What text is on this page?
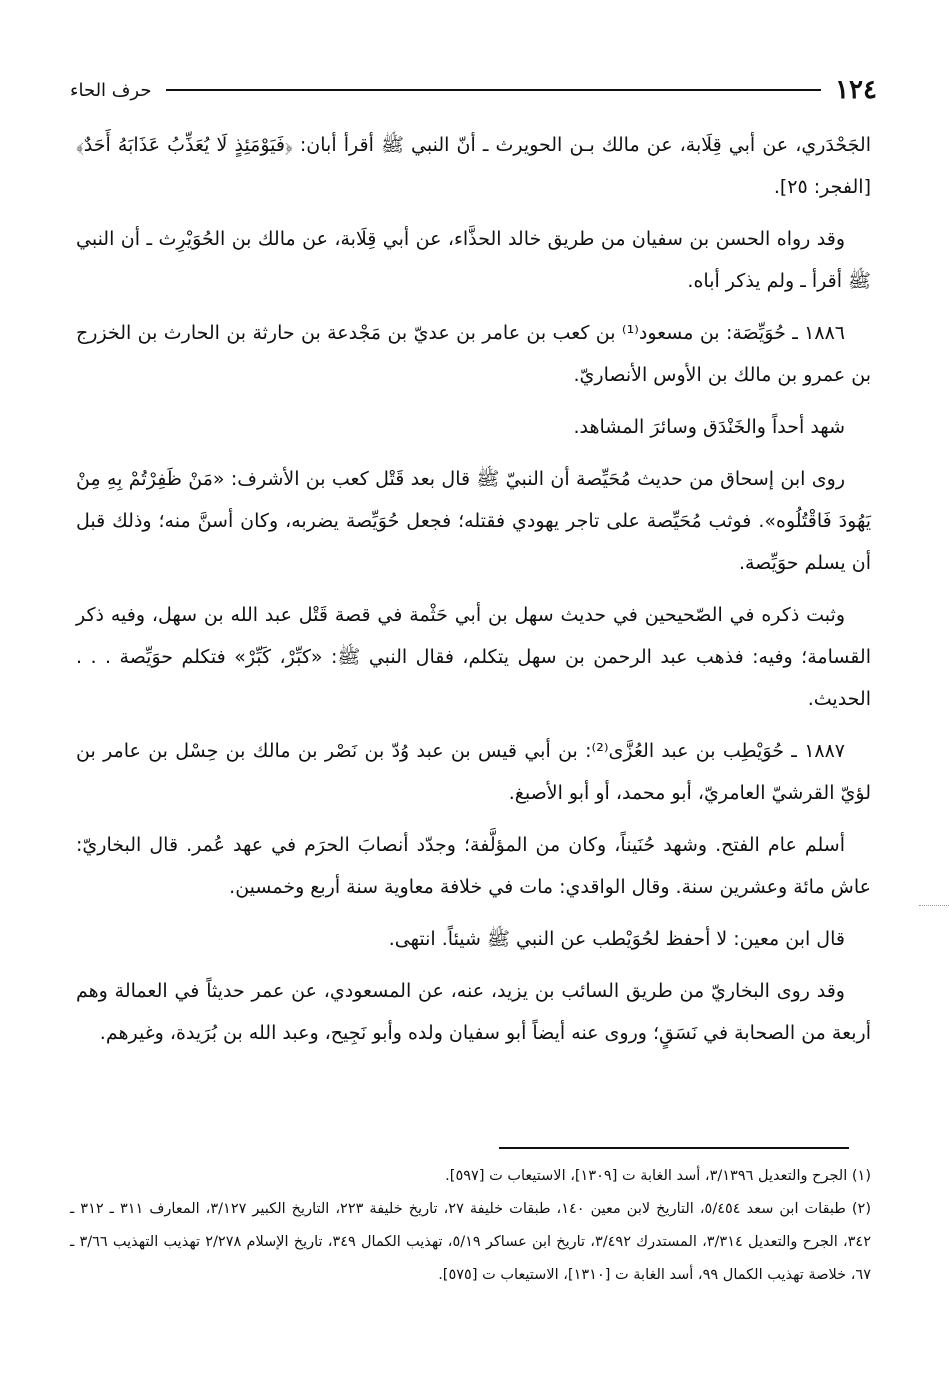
١٢٤
حرف الحاء

الجَحْدَري، عن أبي قِلَابة، عن مالك بـن الحويرث ـ أنّ النبي ﷺ أقرأ أبان: ﴿فَيَوْمَئِذٍ لَا يُعَذِّبُ عَذَابَهُ أَحَدٌ﴾ [الفجر: ٢٥].

وقد رواه الحسن بن سفيان من طريق خالد الحذَّاء، عن أبي قِلَابة، عن مالك بن الحُوَيْرِث ـ أن النبي ﷺ أقرأ ـ ولم يذكر أباه.

١٨٨٦ ـ حُوَيِّصَة: بن مسعود⁽¹⁾ بن كعب بن عامر بن عديّ بن مَجْدعة بن حارثة بن الحارث بن الخزرج بن عمرو بن مالك بن الأوس الأنصاريّ.

شهد أحداً والخَنْدَق وسائرَ المشاهد.

روى ابن إسحاق من حديث مُحَيِّصة أن النبيّ ﷺ قال بعد قَتْل كعب بن الأشرف: «مَنْ ظَفِرْتُمْ بِهِ مِنْ يَهُودَ فَاقْتُلُوه». فوثب مُحَيِّصة على تاجر يهودي فقتله؛ فجعل حُوَيِّصة يضربه، وكان أسنَّ منه؛ وذلك قبل أن يسلم حوَيِّصة.

وثبت ذكره في الصّحيحين في حديث سهل بن أبي حَثْمة في قصة قَتْل عبد الله بن سهل، وفيه ذكر القسامة؛ وفيه: فذهب عبد الرحمن بن سهل يتكلم، فقال النبي ﷺ: «كبِّرْ، كَبِّرْ» فتكلم حوَيِّصة . . . الحديث.

١٨٨٧ ـ حُوَيْطِب بن عبد العُزَّى⁽²⁾: بن أبي قيس بن عبد وُدّ بن نَصْر بن مالك بن حِسْل بن عامر بن لؤيّ القرشيّ العامريّ، أبو محمد، أو أبو الأصبغ.

أسلم عام الفتح. وشهد حُنَيناً، وكان من المؤلَّفة؛ وجدّد أنصابَ الحرَم في عهد عُمر. قال البخاريّ: عاش مائة وعشرين سنة. وقال الواقدي: مات في خلافة معاوية سنة أربع وخمسين.

قال ابن معين: لا أحفظ لحُوَيْطب عن النبي ﷺ شيئاً. انتهى.

وقد روى البخاريّ من طريق السائب بن يزيد، عنه، عن المسعودي، عن عمر حديثاً في العمالة وهم أربعة من الصحابة في نَسَقٍ؛ وروى عنه أيضاً أبو سفيان ولده وأبو نَجِيح، وعبد الله بن بُرَيدة، وغيرهم.

(١) الجرح والتعديل ٣/١٣٩٦، أسد الغابة ت [١٣٠٩]، الاستيعاب ت [٥٩٧].

(٢) طبقات ابن سعد ٥/٤٥٤، التاريخ لابن معين ١٤٠، طبقات خليفة ٢٧، تاريخ خليفة ٢٢٣، التاريخ الكبير ٣/١٢٧، المعارف ٣١١ ـ ٣١٢ ـ ٣٤٢، الجرح والتعديل ٣/٣١٤، المستدرك ٣/٤٩٢، تاريخ ابن عساكر ٥/١٩، تهذيب الكمال ٣٤٩، تاريخ الإسلام ٢/٢٧٨ تهذيب التهذيب ٣/٦٦ ـ ٦٧، خلاصة تهذيب الكمال ٩٩، أسد الغابة ت [١٣١٠]، الاستيعاب ت [٥٧٥].
